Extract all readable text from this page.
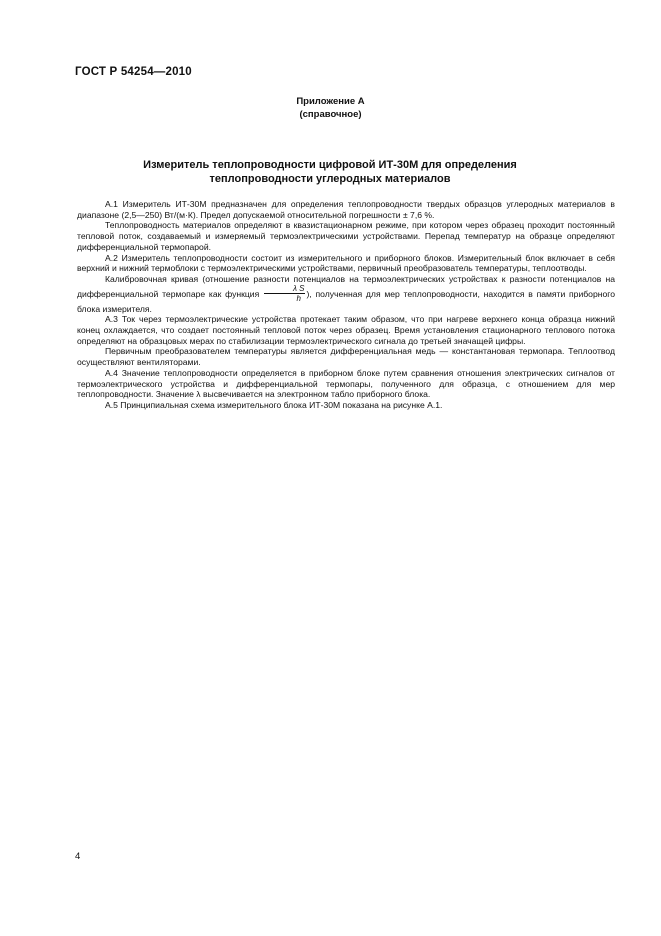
ГОСТ Р 54254—2010
Приложение А
(справочное)
Измеритель теплопроводности цифровой ИТ-30М для определения
теплопроводности углеродных материалов

А.1 Измеритель ИТ-30М предназначен для определения теплопроводности твердых образцов углеродных материалов в диапазоне (2,5—250) Вт/(м·К). Предел допускаемой относительной погрешности ± 7,6 %.

Теплопроводность материалов определяют в квазистационарном режиме, при котором через образец проходит постоянный тепловой поток, создаваемый и измеряемый термоэлектрическими устройствами. Перепад температур на образце определяют дифференциальной термопарой.

А.2 Измеритель теплопроводности состоит из измерительного и приборного блоков. Измерительный блок включает в себя верхний и нижний термоблоки с термоэлектрическими устройствами, первичный преобразователь температуры, теплоотводы.

Калибровочная кривая (отношение разности потенциалов на термоэлектрических устройствах к разности потенциалов на дифференциальной термопаре как функция $\frac{\text{λ S}}{h}$ ), полученная для мер теплопроводности, находится в памяти приборного блока измерителя.

А.3 Ток через термоэлектрические устройства протекает таким образом, что при нагреве верхнего конца образца нижний конец охлаждается, что создает постоянный тепловой поток через образец. Время установления стационарного теплового потока определяют на образцовых мерах по стабилизации термоэлектрического сигнала до третьей значащей цифры.

Первичным преобразователем температуры является дифференциальная медь — константановая термопара. Теплоотвод осуществляют вентиляторами.

А.4 Значение теплопроводности определяется в приборном блоке путем сравнения отношения электрических сигналов от термоэлектрического устройства и дифференциальной термопары, полученного для образца, с отношением для мер теплопроводности. Значение λ высвечивается на электронном табло приборного блока.

А.5 Принципиальная схема измерительного блока ИТ-30М показана на рисунке А.1.

4
